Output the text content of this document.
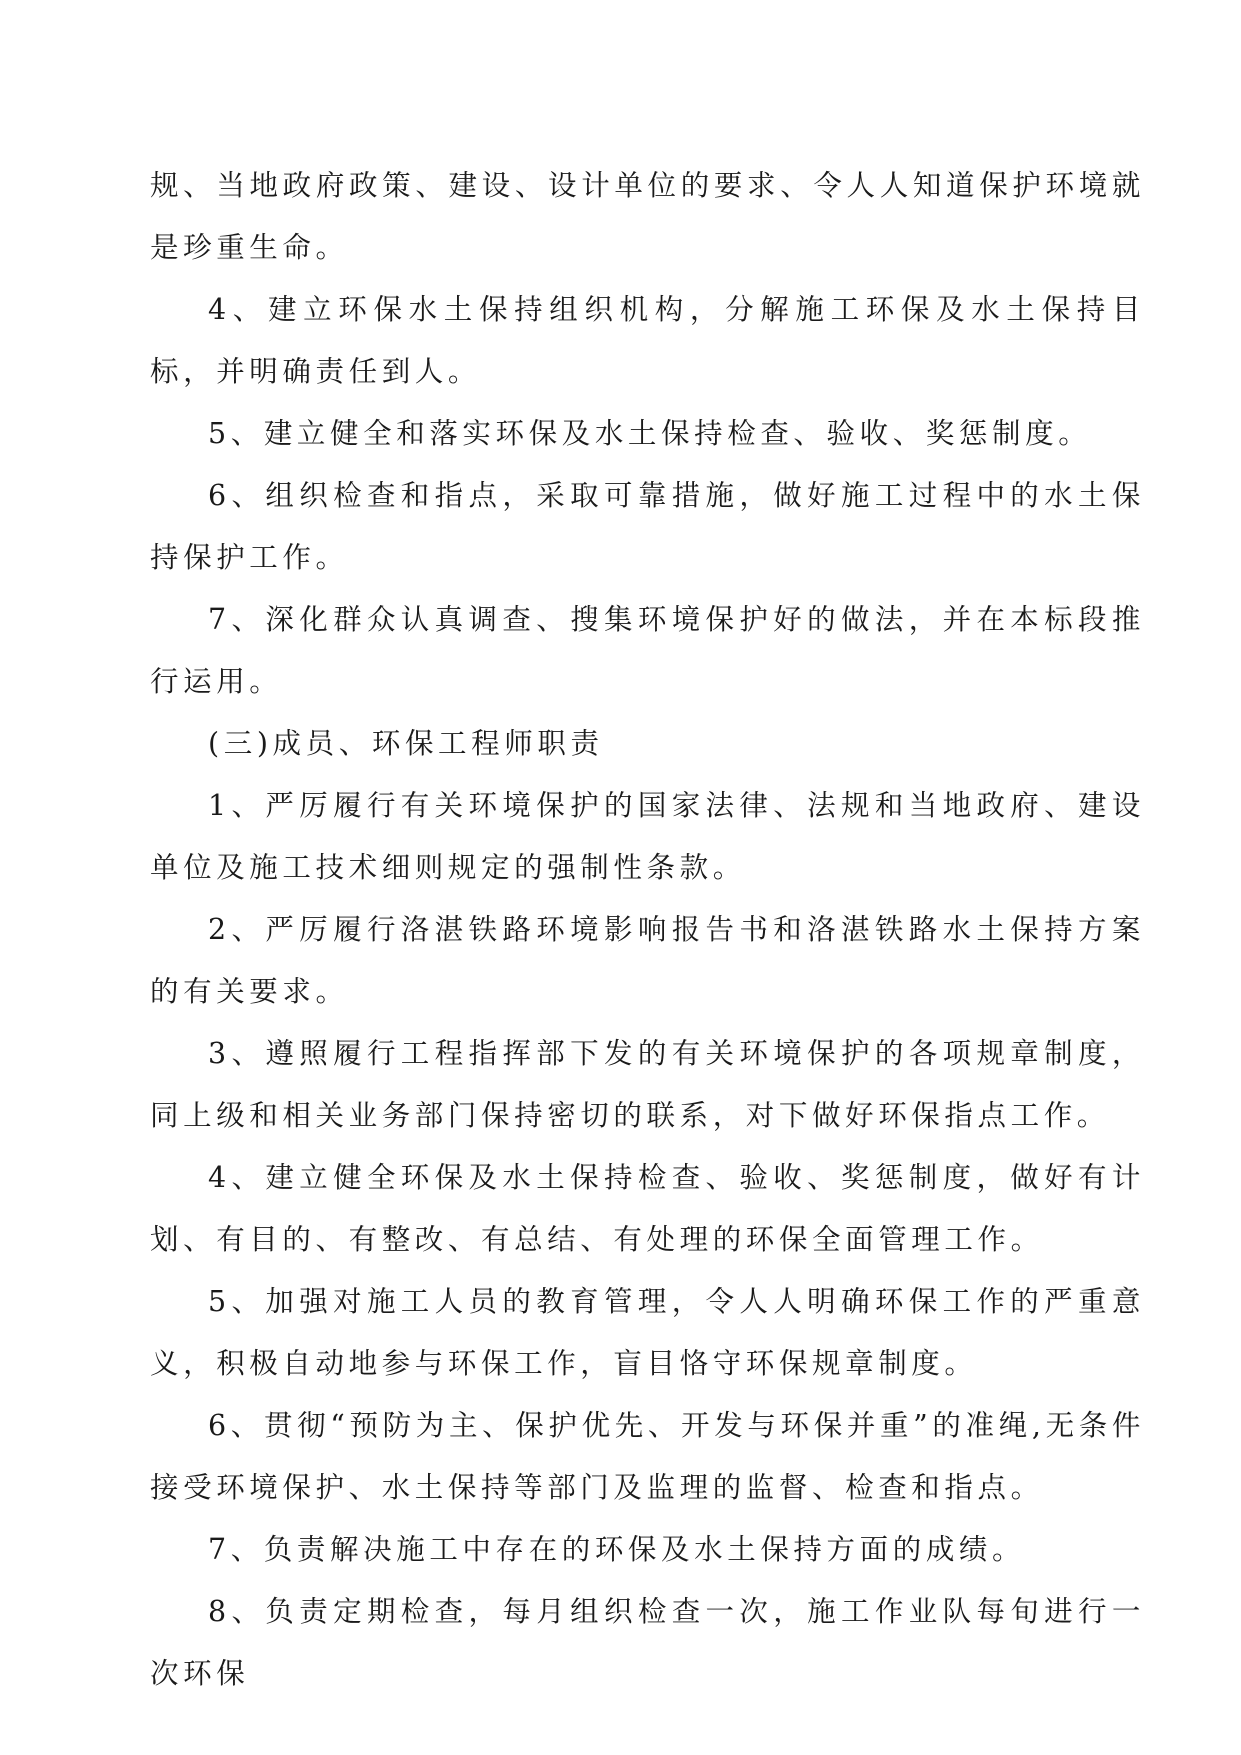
规、当地政府政策、建设、设计单位的要求、令人人知道保护环境就是珍重生命。

4、建立环保水土保持组织机构，分解施工环保及水土保持目标，并明确责任到人。

5、建立健全和落实环保及水土保持检查、验收、奖惩制度。

6、组织检查和指点，采取可靠措施，做好施工过程中的水土保持保护工作。

7、深化群众认真调查、搜集环境保护好的做法，并在本标段推行运用。

(三)成员、环保工程师职责

1、严厉履行有关环境保护的国家法律、法规和当地政府、建设单位及施工技术细则规定的强制性条款。

2、严厉履行洛湛铁路环境影响报告书和洛湛铁路水土保持方案的有关要求。

3、遵照履行工程指挥部下发的有关环境保护的各项规章制度，同上级和相关业务部门保持密切的联系，对下做好环保指点工作。

4、建立健全环保及水土保持检查、验收、奖惩制度，做好有计划、有目的、有整改、有总结、有处理的环保全面管理工作。

5、加强对施工人员的教育管理，令人人明确环保工作的严重意义，积极自动地参与环保工作，盲目恪守环保规章制度。

6、贯彻“预防为主、保护优先、开发与环保并重”的准绳,无条件接受环境保护、水土保持等部门及监理的监督、检查和指点。

7、负责解决施工中存在的环保及水土保持方面的成绩。

8、负责定期检查，每月组织检查一次，施工作业队每旬进行一次环保
